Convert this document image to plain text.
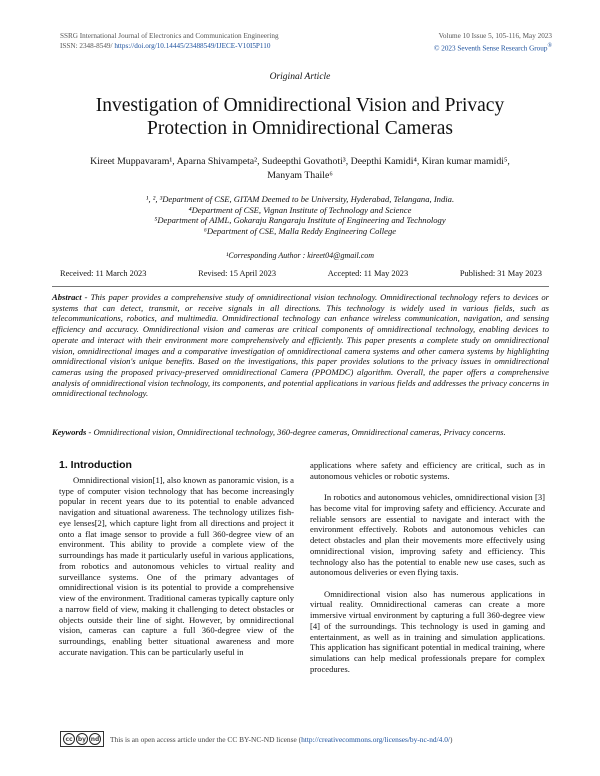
SSRG International Journal of Electronics and Communication Engineering
ISSN: 2348-8549/ https://doi.org/10.14445/23488549/IJECE-V10I5P110
Volume 10 Issue 5, 105-116, May 2023
© 2023 Seventh Sense Research Group®
Original Article
Investigation of Omnidirectional Vision and Privacy
Protection in Omnidirectional Cameras
Kireet Muppavaram¹, Aparna Shivampeta², Sudeepthi Govathoti³, Deepthi Kamidi⁴, Kiran kumar mamidi⁵,
Manyam Thaile⁶
¹, ², ³Department of CSE, GITAM Deemed to be University, Hyderabad, Telangana, India.
⁴Department of CSE, Vignan Institute of Technology and Science
⁵Department of AIML, Gokaraju Rangaraju Institute of Engineering and Technology
⁶Department of CSE, Malla Reddy Engineering College
¹Corresponding Author : kireet04@gmail.com
Received: 11 March 2023	Revised: 15 April 2023	Accepted: 11 May 2023	Published: 31 May 2023
Abstract - This paper provides a comprehensive study of omnidirectional vision technology. Omnidirectional technology refers to devices or systems that can detect, transmit, or receive signals in all directions. This technology is widely used in various fields, such as telecommunications, robotics, and multimedia. Omnidirectional technology can enhance wireless communication, navigation, and sensing efficiency and accuracy. Omnidirectional vision and cameras are critical components of omnidirectional technology, enabling devices to operate and interact with their environment more comprehensively and efficiently. This paper presents a complete study on omnidirectional vision, omnidirectional images and a comparative investigation of omnidirectional camera systems and other camera systems by highlighting omnidirectional vision's unique benefits. Based on the investigations, this paper provides solutions to the privacy issues in omnidirectional cameras using the proposed privacy-preserved omnidirectional Camera (PPOMDC) algorithm. Overall, the paper offers a comprehensive analysis of omnidirectional vision technology, its components, and potential applications in various fields and addresses the privacy concerns in omnidirectional technology.
Keywords - Omnidirectional vision, Omnidirectional technology, 360-degree cameras, Omnidirectional cameras, Privacy concerns.
1. Introduction

Omnidirectional vision[1], also known as panoramic vision, is a type of computer vision technology that has become increasingly popular in recent years due to its potential to enable advanced navigation and situational awareness. The technology utilizes fish-eye lenses[2], which capture light from all directions and project it onto a flat image sensor to provide a full 360-degree view of an environment. This ability to provide a complete view of the surroundings has made it particularly useful in various applications, from robotics and autonomous vehicles to virtual reality and surveillance systems. One of the primary advantages of omnidirectional vision is its potential to provide a comprehensive view of the environment. Traditional cameras typically capture only a narrow field of view, making it challenging to detect obstacles or objects outside their line of sight. However, by omnidirectional vision, cameras can capture a full 360-degree view of the surroundings, enabling better situational awareness and more accurate navigation. This can be particularly useful in

applications where safety and efficiency are critical, such as in autonomous vehicles or robotic systems.

In robotics and autonomous vehicles, omnidirectional vision [3] has become vital for improving safety and efficiency. Accurate and reliable sensors are essential to navigate and interact with the environment effectively. Robots and autonomous vehicles can detect obstacles and plan their movements more effectively using omnidirectional vision, improving safety and efficiency. This technology also has the potential to enable new use cases, such as autonomous deliveries or even flying taxis.

Omnidirectional vision also has numerous applications in virtual reality. Omnidirectional cameras can create a more immersive virtual environment by capturing a full 360-degree view [4] of the surroundings. This technology is used in gaming and entertainment, as well as in training and simulation applications. This application has significant potential in medical training, where simulations can help medical professionals prepare for complex procedures.

cc by nd This is an open access article under the CC BY-NC-ND license (http://creativecommons.org/licenses/by-nc-nd/4.0/)
